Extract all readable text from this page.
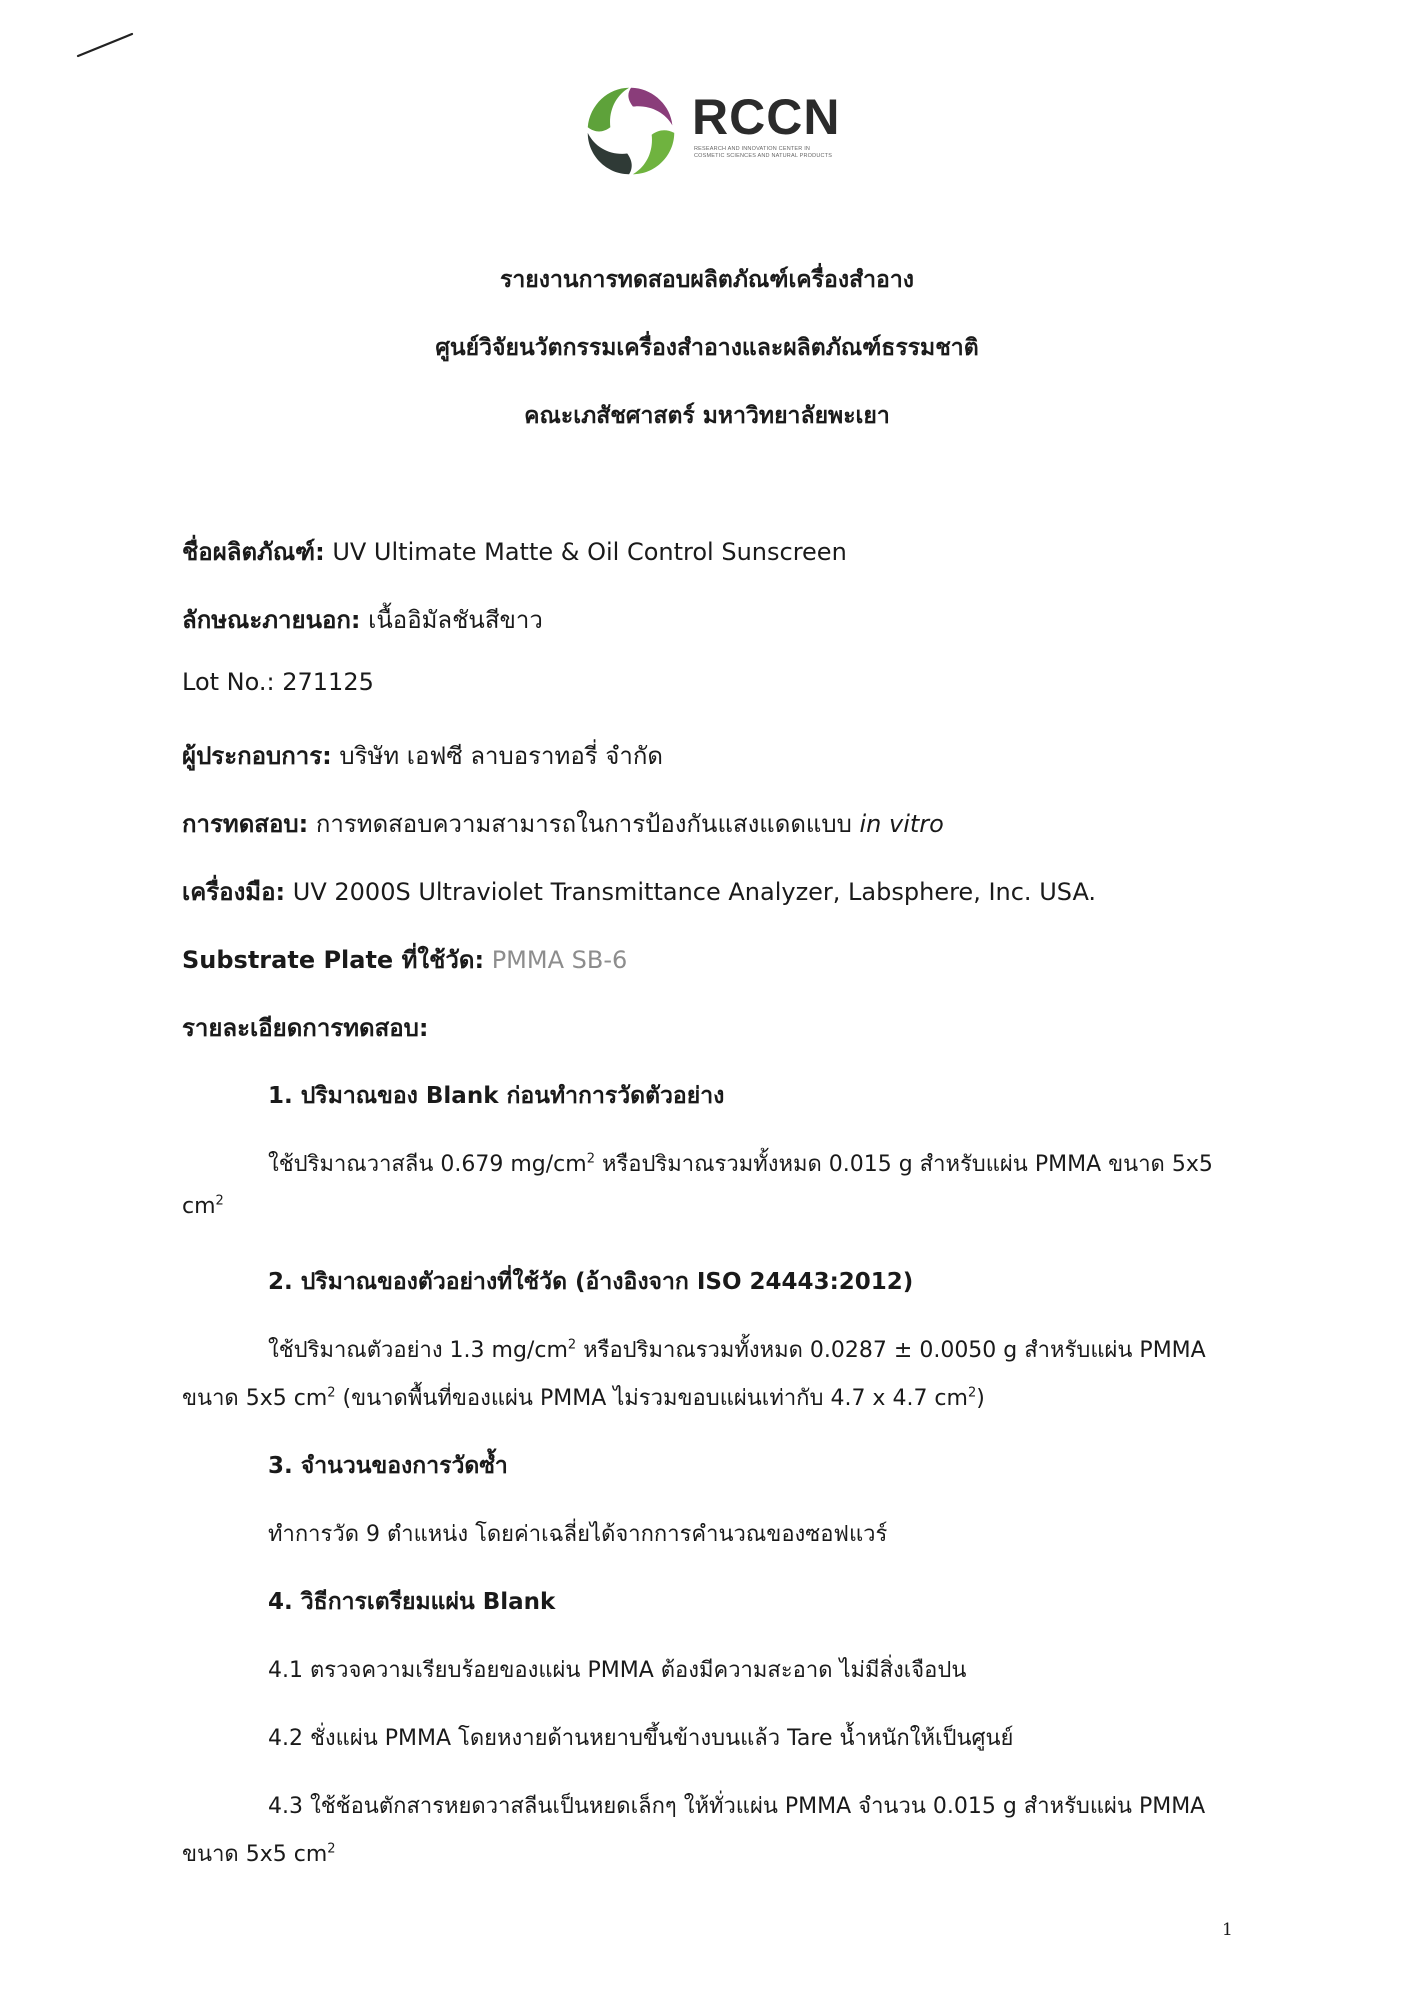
RCCN
RESEARCH AND INNOVATION CENTER IN
COSMETIC SCIENCES AND NATURAL PRODUCTS
รายงานการทดสอบผลิตภัณฑ์เครื่องสำอาง
ศูนย์วิจัยนวัตกรรมเครื่องสำอางและผลิตภัณฑ์ธรรมชาติ
คณะเภสัชศาสตร์ มหาวิทยาลัยพะเยา
ชื่อผลิตภัณฑ์: UV Ultimate Matte & Oil Control Sunscreen
ลักษณะภายนอก: เนื้ออิมัลชันสีขาว
Lot No.: 271125
ผู้ประกอบการ: บริษัท เอฟซี ลาบอราทอรี่ จำกัด
การทดสอบ: การทดสอบความสามารถในการป้องกันแสงแดดแบบ in vitro
เครื่องมือ: UV 2000S Ultraviolet Transmittance Analyzer, Labsphere, Inc. USA.
Substrate Plate ที่ใช้วัด: PMMA SB-6
รายละเอียดการทดสอบ:
1. ปริมาณของ Blank ก่อนทำการวัดตัวอย่าง
ใช้ปริมาณวาสลีน 0.679 $mg/cm^2$ หรือปริมาณรวมทั้งหมด 0.015 g สำหรับแผ่น PMMA ขนาด 5x5
$cm^2$
2. ปริมาณของตัวอย่างที่ใช้วัด (อ้างอิงจาก ISO 24443:2012)
ใช้ปริมาณตัวอย่าง 1.3 $mg/cm^2$ หรือปริมาณรวมทั้งหมด 0.0287 ± 0.0050 g สำหรับแผ่น PMMA
ขนาด 5x5 $cm^2$ (ขนาดพื้นที่ของแผ่น PMMA ไม่รวมขอบแผ่นเท่ากับ 4.7 x 4.7 $cm^2$)
3. จำนวนของการวัดซ้ำ
ทำการวัด 9 ตำแหน่ง โดยค่าเฉลี่ยได้จากการคำนวณของซอฟแวร์
4. วิธีการเตรียมแผ่น Blank
4.1 ตรวจความเรียบร้อยของแผ่น PMMA ต้องมีความสะอาด ไม่มีสิ่งเจือปน
4.2 ชั่งแผ่น PMMA โดยหงายด้านหยาบขึ้นข้างบนแล้ว Tare น้ำหนักให้เป็นศูนย์
4.3 ใช้ช้อนตักสารหยดวาสลีนเป็นหยดเล็กๆ ให้ทั่วแผ่น PMMA จำนวน 0.015 g สำหรับแผ่น PMMA
ขนาด 5x5 $cm^2$
1
